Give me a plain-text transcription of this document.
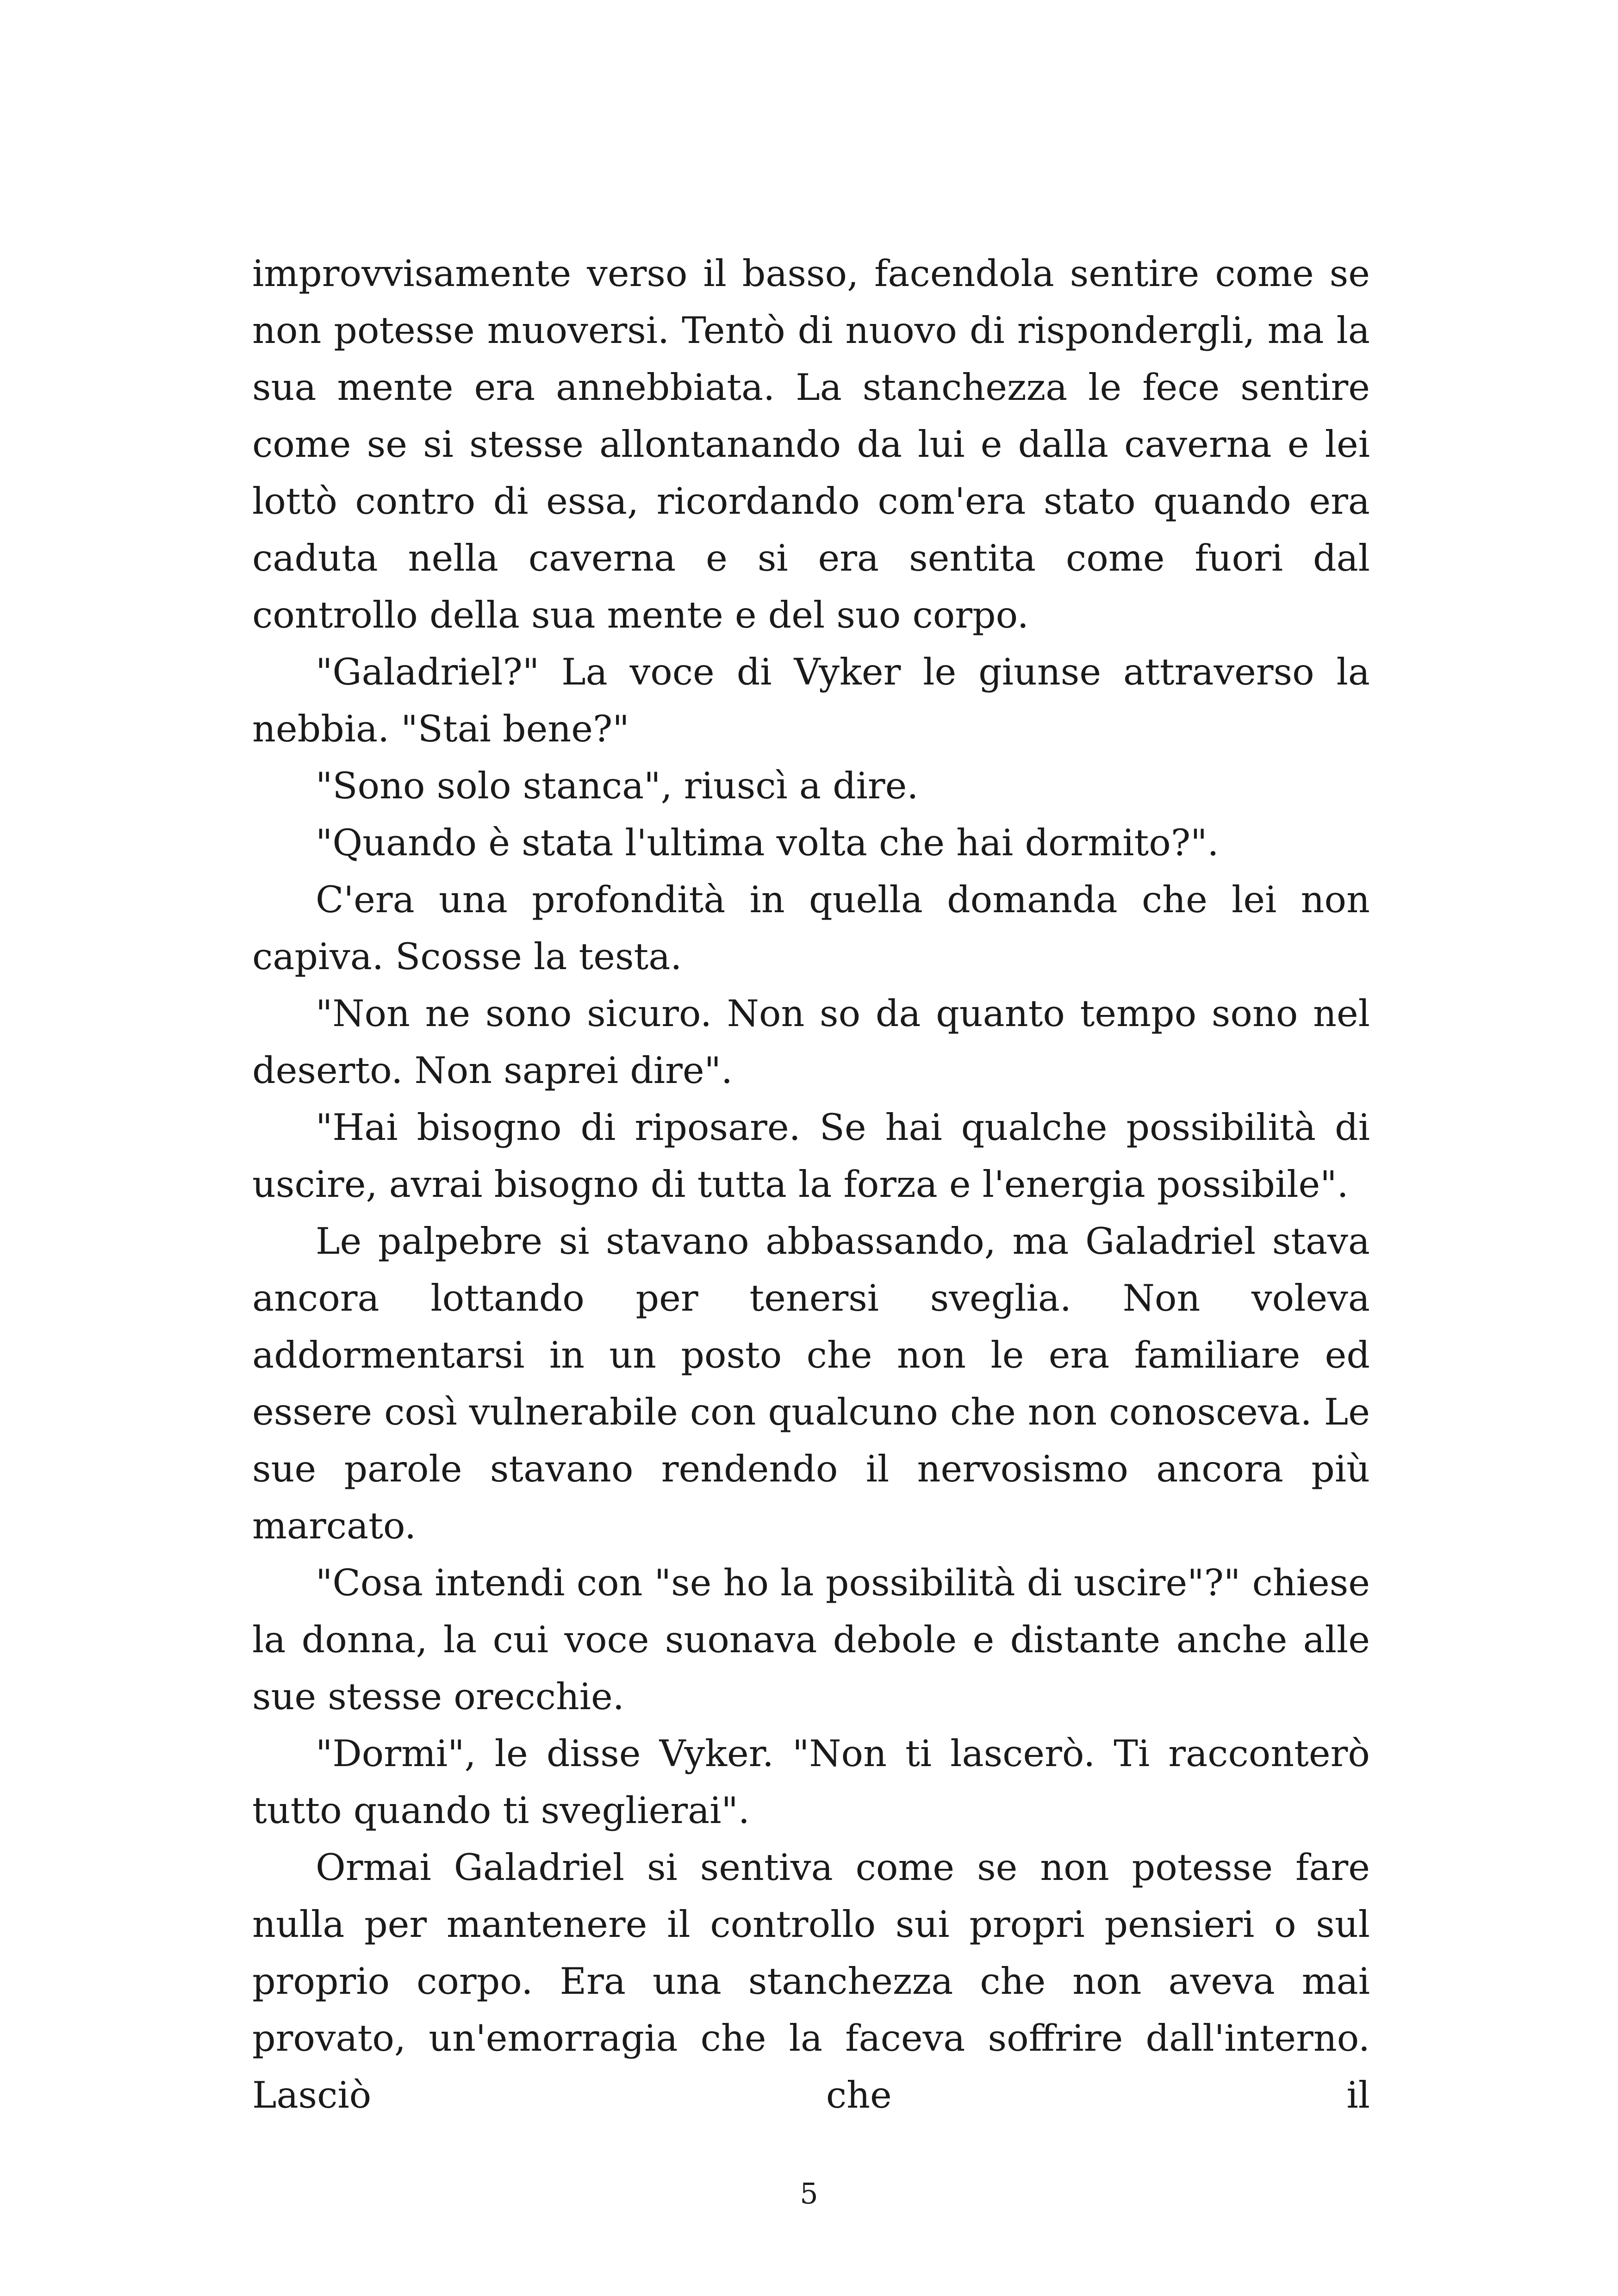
improvvisamente verso il basso, facendola sentire come se non potesse muoversi. Tentò di nuovo di rispondergli, ma la sua mente era annebbiata. La stanchezza le fece sentire come se si stesse allontanando da lui e dalla caverna e lei lottò contro di essa, ricordando com'era stato quando era caduta nella caverna e si era sentita come fuori dal controllo della sua mente e del suo corpo.

"Galadriel?" La voce di Vyker le giunse attraverso la nebbia. "Stai bene?"

"Sono solo stanca", riuscì a dire.

"Quando è stata l'ultima volta che hai dormito?".

C'era una profondità in quella domanda che lei non capiva. Scosse la testa.

"Non ne sono sicuro. Non so da quanto tempo sono nel deserto. Non saprei dire".

"Hai bisogno di riposare. Se hai qualche possibilità di uscire, avrai bisogno di tutta la forza e l'energia possibile".

Le palpebre si stavano abbassando, ma Galadriel stava ancora lottando per tenersi sveglia. Non voleva addormentarsi in un posto che non le era familiare ed essere così vulnerabile con qualcuno che non conosceva. Le sue parole stavano rendendo il nervosismo ancora più marcato.

"Cosa intendi con "se ho la possibilità di uscire"?" chiese la donna, la cui voce suonava debole e distante anche alle sue stesse orecchie.

"Dormi", le disse Vyker. "Non ti lascerò. Ti racconterò tutto quando ti sveglierai".

Ormai Galadriel si sentiva come se non potesse fare nulla per mantenere il controllo sui propri pensieri o sul proprio corpo. Era una stanchezza che non aveva mai provato, un'emorragia che la faceva soffrire dall'interno. Lasciò che il

5
